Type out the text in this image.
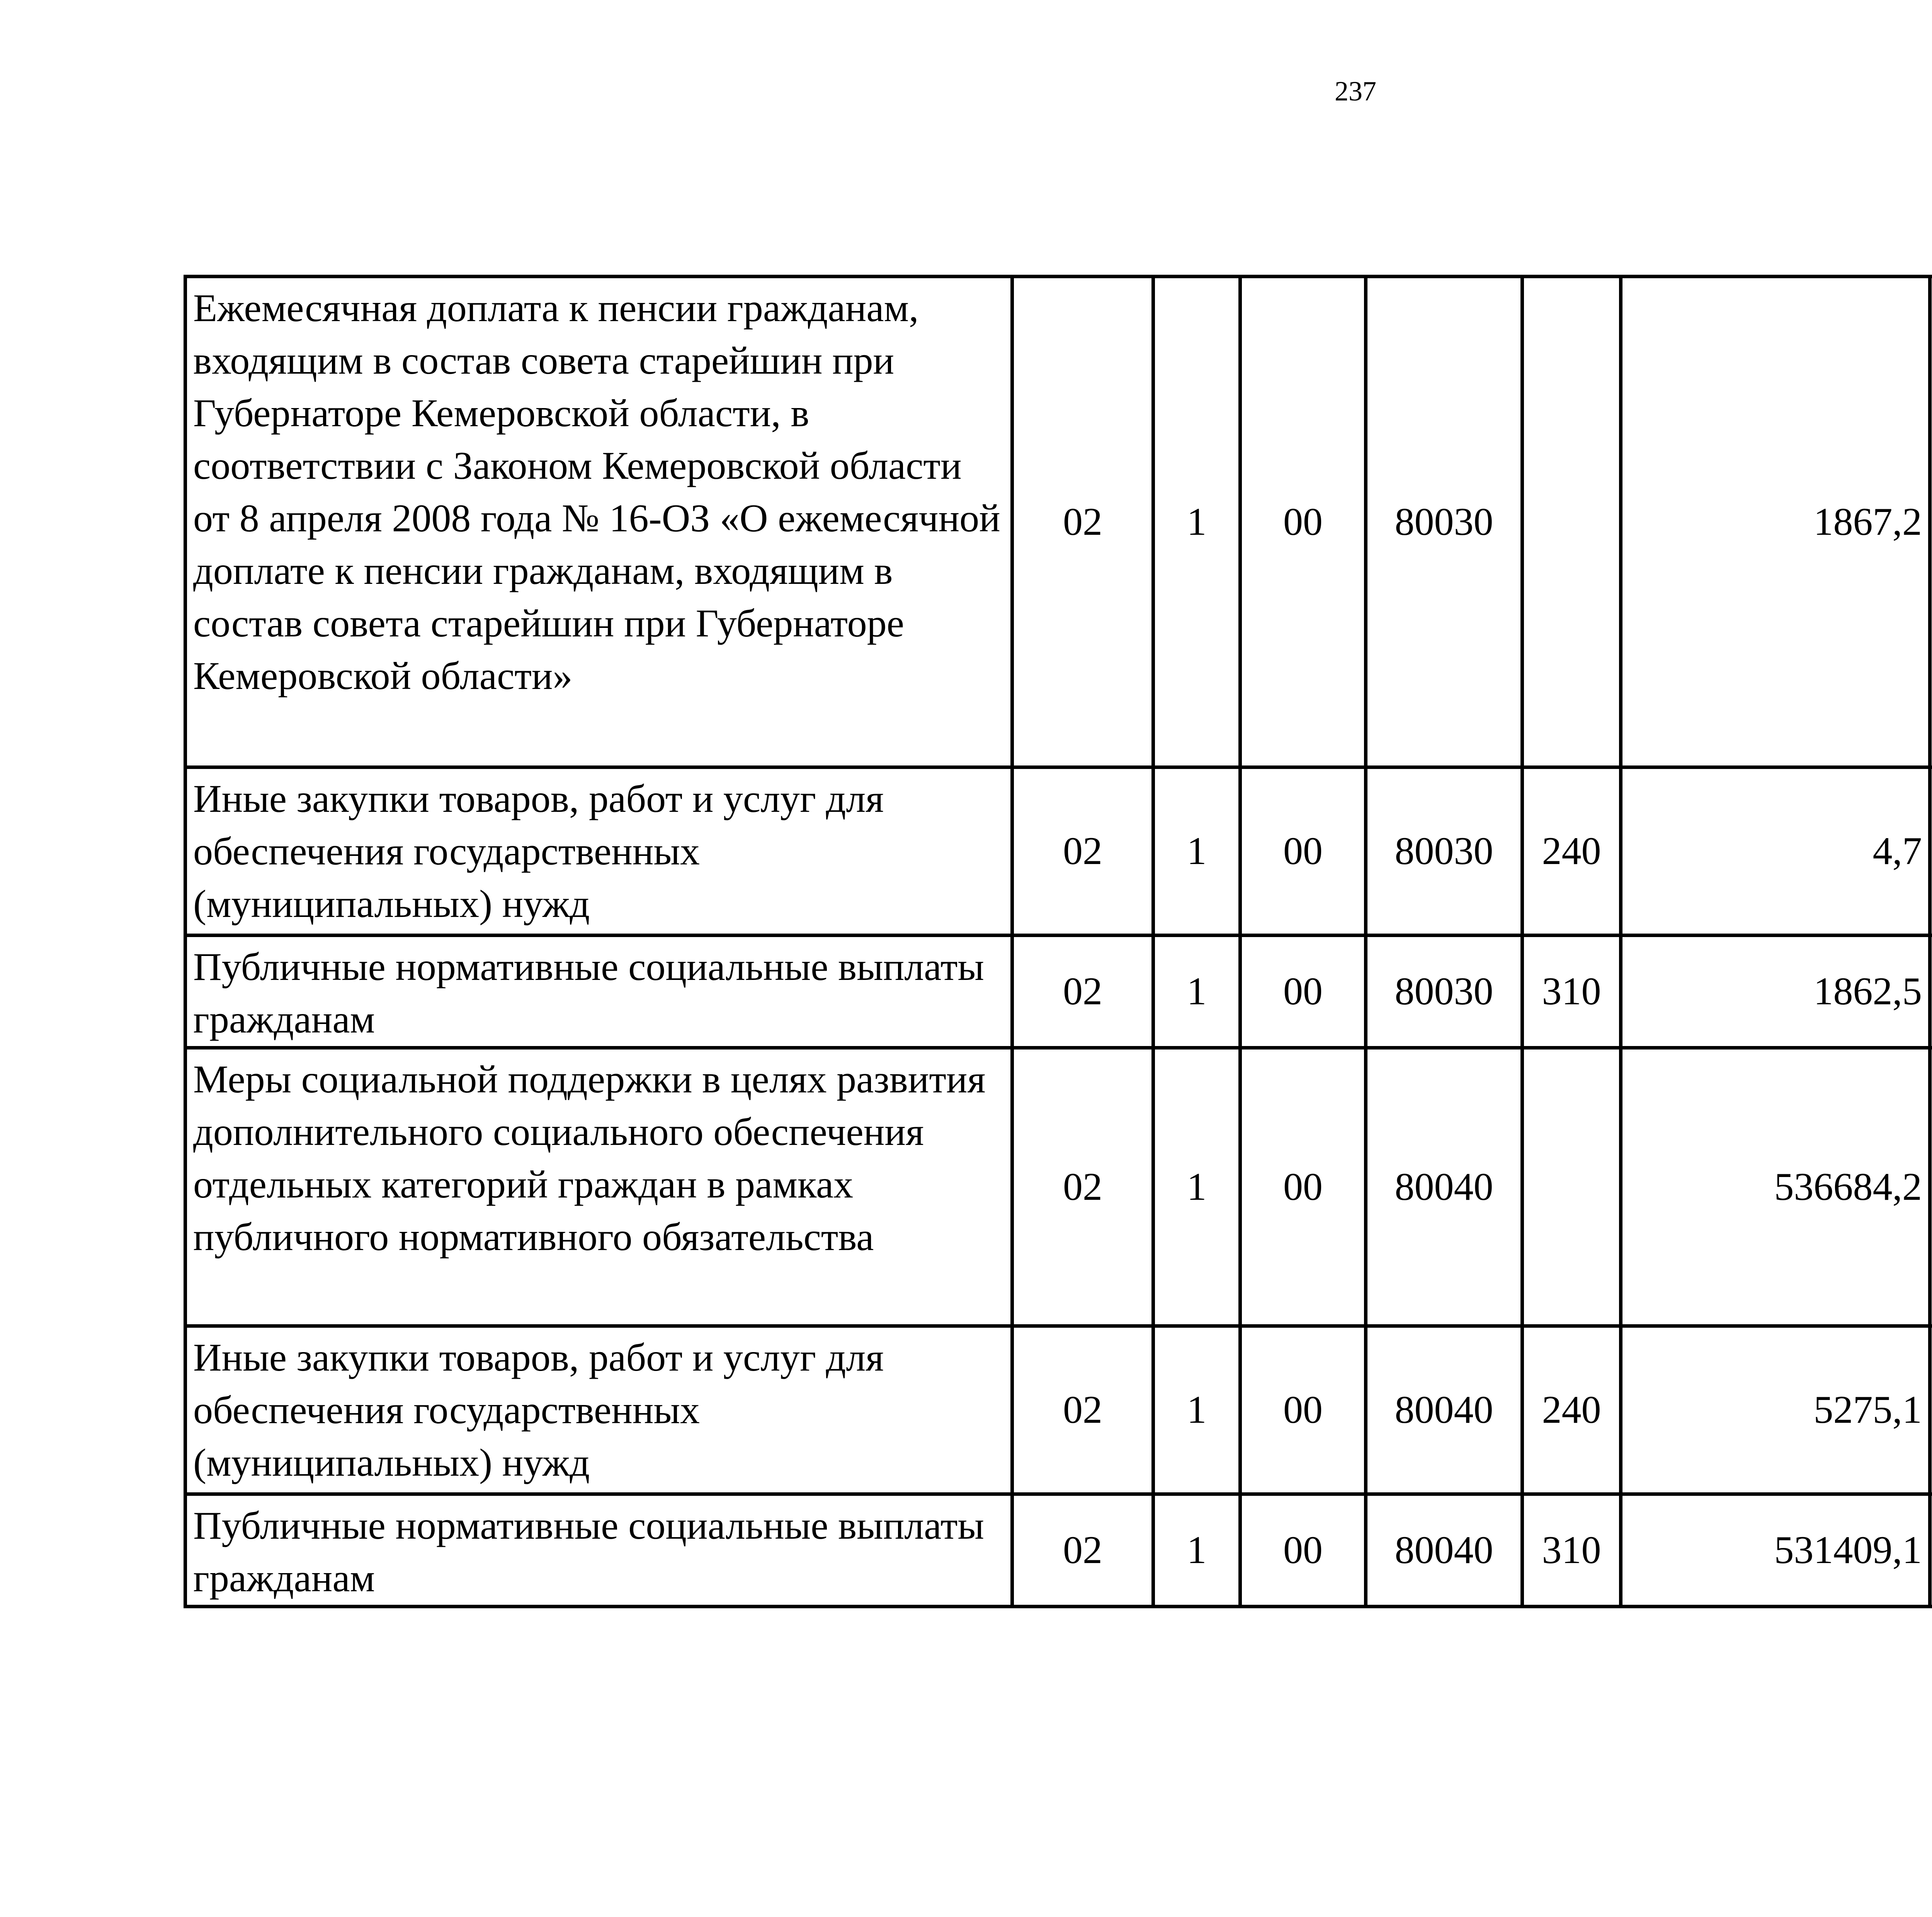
237
Ежемесячная доплата к пенсии гражданам, входящим в состав совета старейшин при Губернаторе Кемеровской области, в соответствии с Законом Кемеровской области от 8 апреля 2008 года № 16-ОЗ «О ежемесячной доплате к пенсии гражданам, входящим в состав совета старейшин при Губернаторе Кемеровской области»	02	1	00	80030		1867,2		
Иные закупки товаров, работ и услуг для обеспечения государственных (муниципальных) нужд	02	1	00	80030	240	4,7		
Публичные нормативные социальные выплаты гражданам	02	1	00	80030	310	1862,5		
Меры социальной поддержки в целях развития дополнительного социального обеспечения отдельных категорий граждан в рамках публичного нормативного обязательства	02	1	00	80040		536684,2		
Иные закупки товаров, работ и услуг для обеспечения государственных (муниципальных) нужд	02	1	00	80040	240	5275,1		
Публичные нормативные социальные выплаты гражданам	02	1	00	80040	310	531409,1		
